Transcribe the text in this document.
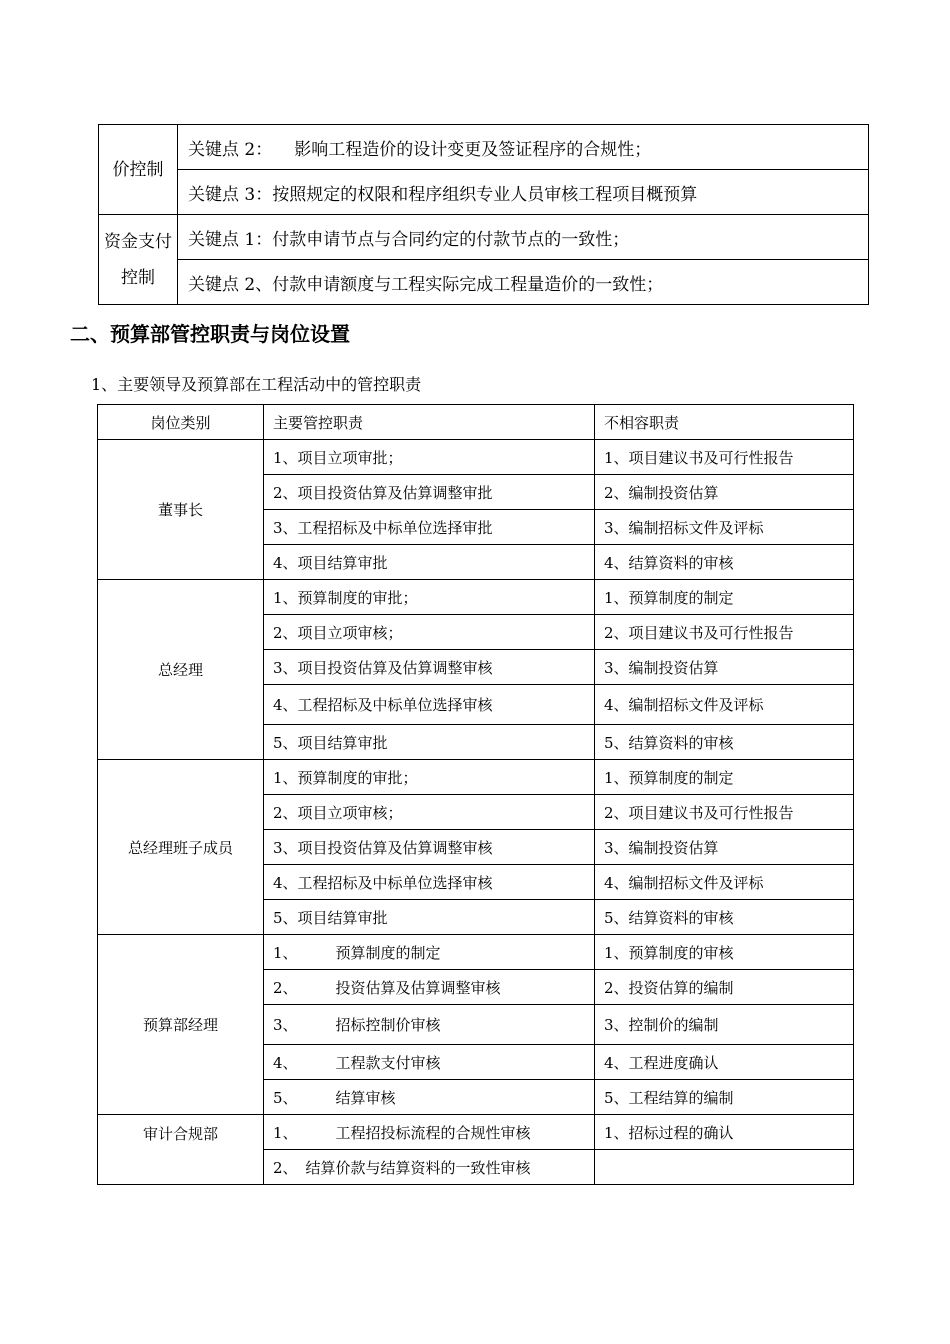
价控制	关键点 2： 影响工程造价的设计变更及签证程序的合规性；
	关键点 3：按照规定的权限和程序组织专业人员审核工程项目概预算
资金支付控制	关键点 1：付款申请节点与合同约定的付款节点的一致性；
	关键点 2、付款申请额度与工程实际完成工程量造价的一致性；
二、预算部管控职责与岗位设置
1、主要领导及预算部在工程活动中的管控职责
岗位类别	主要管控职责	不相容职责
董事长	1、项目立项审批；	1、项目建议书及可行性报告
	2、项目投资估算及估算调整审批	2、编制投资估算
	3、工程招标及中标单位选择审批	3、编制招标文件及评标
	4、项目结算审批	4、结算资料的审核
总经理	1、预算制度的审批；	1、预算制度的制定
	2、项目立项审核；	2、项目建议书及可行性报告
	3、项目投资估算及估算调整审核	3、编制投资估算
	4、工程招标及中标单位选择审核	4、编制招标文件及评标
	5、项目结算审批	5、结算资料的审核
总经理班子成员	1、预算制度的审批；	1、预算制度的制定
	2、项目立项审核；	2、项目建议书及可行性报告
	3、项目投资估算及估算调整审核	3、编制投资估算
	4、工程招标及中标单位选择审核	4、编制招标文件及评标
	5、项目结算审批	5、结算资料的审核
预算部经理	1、 预算制度的制定	1、预算制度的审核
	2、 投资估算及估算调整审核	2、投资估算的编制
	3、 招标控制价审核	3、控制价的编制
	4、 工程款支付审核	4、工程进度确认
	5、 结算审核	5、工程结算的编制
审计合规部	1、 工程招投标流程的合规性审核	1、招标过程的确认
	2、 结算价款与结算资料的一致性审核	
